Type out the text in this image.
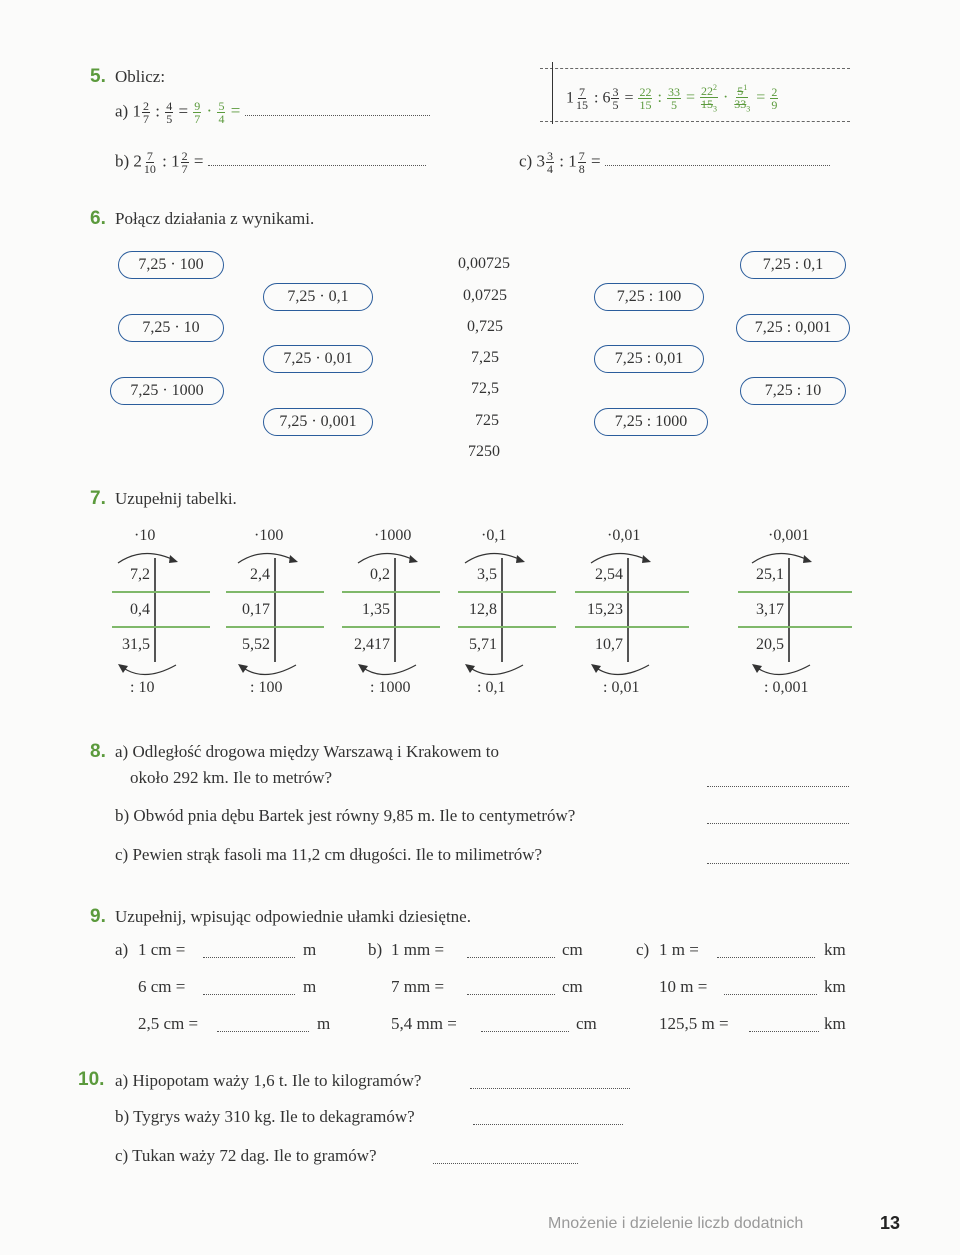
5. Oblicz:
a) $1 \frac{2}{7}$ : $\frac{4}{5} = \frac{9}{7} \cdot \frac{5}{4}$ =
$1 \frac{7}{15}$ : $6 \frac{3}{5} = \frac{22}{15}$ : $\frac{33}{5} = \frac{22^2}{15_3} \cdot \frac{5^1}{33_3} = \frac{2}{9}$
b) $2 \frac{7}{10}$ : $1 \frac{2}{7}$ =	c) $3 \frac{3}{4}$ : $1 \frac{7}{8}$ =
6. Połącz działania z wynikami.
7,25 · 100
7,25 · 10
7,25 · 1000
7,25 · 0,1
7,25 · 0,01
7,25 · 0,001
0,00725
0,0725
0,725
7,25
72,5
725
7250
7,25 : 100
7,25 : 0,01
7,25 : 1000
7,25 : 0,1
7,25 : 0,001
7,25 : 10
7. Uzupełnij tabelki.
·10
7,2
0,4
31,5
: 10
·100
2,4
0,17
5,52
: 100
·1000
0,2
1,35
2,417
: 1000
·0,1
3,5
12,8
5,71
: 0,1
·0,01
2,54
15,23
10,7
: 0,01
·0,001
25,1
3,17
20,5
: 0,001
8. a) Odległość drogowa między Warszawą i Krakowem to
około 292 km. Ile to metrów?
b) Obwód pnia dębu Bartek jest równy 9,85 m. Ile to centymetrów?
c) Pewien strąk fasoli ma 11,2 cm długości. Ile to milimetrów?
9. Uzupełnij, wpisując odpowiednie ułamki dziesiętne.
a) 1 cm =	m
6 cm =	m
2,5 cm =	m
b) 1 mm =	cm
7 mm =	cm
5,4 mm =	cm
c) 1 m =	km
10 m =	km
125,5 m =	km
10. a) Hipopotam waży 1,6 t. Ile to kilogramów?
b) Tygrys waży 310 kg. Ile to dekagramów?
c) Tukan waży 72 dag. Ile to gramów?
Mnożenie i dzielenie liczb dodatnich	13
